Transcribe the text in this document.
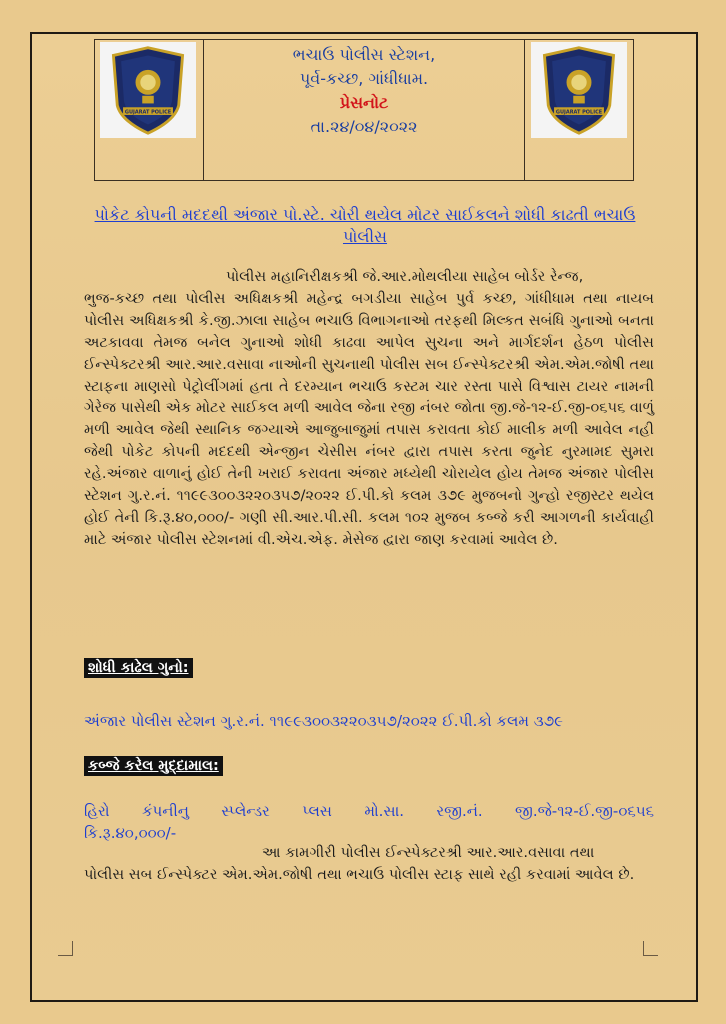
GUJARAT POLICE
ભચાઉ પોલીસ સ્ટેશન,
પૂર્વ-કચ્છ, ગાંધીધામ.
પ્રેસનોટ
તા.૨૪/૦૪/૨૦૨૨
GUJARAT POLICE
પોકેટ કોપની મદદથી અંજાર પો.સ્ટે. ચોરી થયેલ મોટર સાઈકલને શોધી કાઢતી ભચાઉ પોલીસ
પોલીસ મહાનિરીક્ષકશ્રી જે.આર.મોથલીયા સાહેબ બોર્ડર રેન્જ,
ભુજ-કચ્છ તથા પોલીસ અધિક્ષકશ્રી મહેન્દ્ર બગડીયા સાહેબ પુર્વ કચ્છ, ગાંધીધામ તથા નાયબ પોલીસ અધિક્ષકશ્રી કે.જી.ઝાલા સાહેબ ભચાઉ વિભાગનાઓ તરફથી મિલ્કત સબંધિ ગુનાઓ બનતા અટકાવવા તેમજ બનેલ ગુનાઓ શોધી કાઢવા આપેલ સુચના અને માર્ગદર્શન હેઠળ પોલીસ ઈન્સ્પેક્ટરશ્રી આર.આર.વસાવા નાઓની સુચનાથી પોલીસ સબ ઈન્સ્પેક્ટરશ્રી એમ.એમ.જોષી તથા સ્ટાફના માણસો પેટ્રોલીંગમાં હતા તે દરમ્યાન ભચાઉ કસ્ટમ ચાર રસ્તા પાસે વિશ્વાસ ટાયર નામની ગેરેજ પાસેથી એક મોટર સાઈકલ મળી આવેલ જેના રજી નંબર જોતા જી.જે-૧૨-ઈ.જી-૦૬૫૬ વાળું મળી આવેલ જેથી સ્થાનિક જગ્યાએ આજુબાજુમાં તપાસ કરાવતા કોઈ માલીક મળી આવેલ નહી જેથી પોકેટ કોપની મદદથી એન્જીન ચેસીસ નંબર દ્વારા તપાસ કરતા જુનેદ નુરમામદ સુમરા રહે.અંજાર વાળાનું હોઈ તેની ખરાઈ કરાવતા અંજાર મધ્યેથી ચોરાયેલ હોય તેમજ અંજાર પોલીસ સ્ટેશન ગુ.ર.નં. ૧૧૯૯૩૦૦૩૨૨૦૩૫૭/૨૦૨૨ ઈ.પી.કો કલમ ૩૭૯ મુજબનો ગુન્હો રજીસ્ટર થયેલ હોઈ તેની કિ.રૂ.૪૦,૦૦૦/- ગણી સી.આર.પી.સી. કલમ ૧૦૨ મુજબ કબ્જે કરી આગળની કાર્યવાહી માટે અંજાર પોલીસ સ્ટેશનમાં વી.એચ.એફ. મેસેજ દ્વારા જાણ કરવામાં આવેલ છે.
શોધી કાઢેલ ગુનો:
અંજાર પોલીસ સ્ટેશન ગુ.ર.નં. ૧૧૯૯૩૦૦૩૨૨૦૩૫૭/૨૦૨૨ ઈ.પી.કો કલમ ૩૭૯
કબ્જે કરેલ મુદ્દામાલ:
હિરો કંપનીનુ સ્પ્લેન્ડર પ્લસ મો.સા. રજી.નં. જી.જે-૧૨-ઈ.જી-૦૬૫૬
કિ.રૂ.૪૦,૦૦૦/-
આ કામગીરી પોલીસ ઈન્સ્પેક્ટરશ્રી આર.આર.વસાવા તથા
પોલીસ સબ ઈન્સ્પેક્ટર એમ.એમ.જોષી તથા ભચાઉ પોલીસ સ્ટાફ સાથે રહી કરવામાં આવેલ છે.
